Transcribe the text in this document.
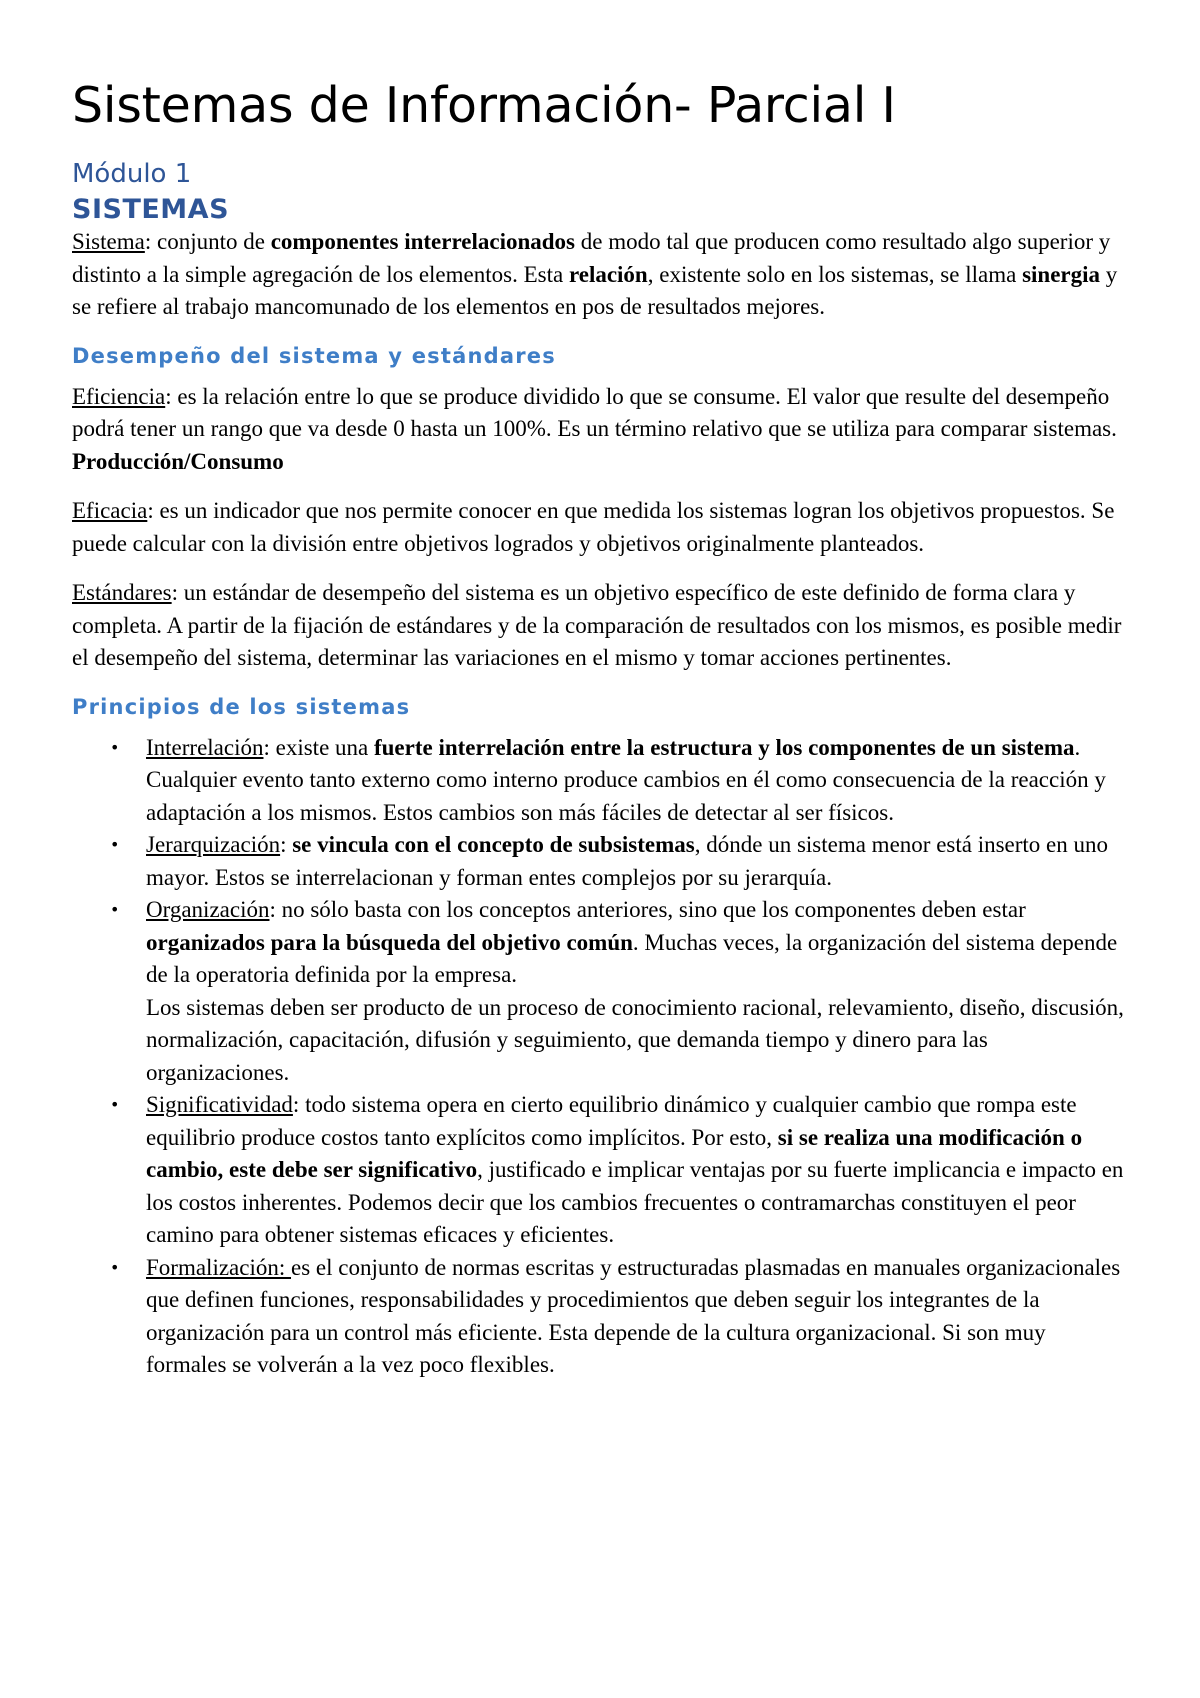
Sistemas de Información- Parcial I
Módulo 1
SISTEMAS

Sistema: conjunto de componentes interrelacionados de modo tal que producen como resultado algo superior y distinto a la simple agregación de los elementos. Esta relación, existente solo en los sistemas, se llama sinergia y se refiere al trabajo mancomunado de los elementos en pos de resultados mejores.

Desempeño del sistema y estándares

Eficiencia: es la relación entre lo que se produce dividido lo que se consume. El valor que resulte del desempeño podrá tener un rango que va desde 0 hasta un 100%. Es un término relativo que se utiliza para comparar sistemas. Producción/Consumo

Eficacia: es un indicador que nos permite conocer en que medida los sistemas logran los objetivos propuestos. Se puede calcular con la división entre objetivos logrados y objetivos originalmente planteados.

Estándares: un estándar de desempeño del sistema es un objetivo específico de este definido de forma clara y completa. A partir de la fijación de estándares y de la comparación de resultados con los mismos, es posible medir el desempeño del sistema, determinar las variaciones en el mismo y tomar acciones pertinentes.

Principios de los sistemas
• Interrelación: existe una fuerte interrelación entre la estructura y los componentes de un sistema. Cualquier evento tanto externo como interno produce cambios en él como consecuencia de la reacción y adaptación a los mismos. Estos cambios son más fáciles de detectar al ser físicos.
• Jerarquización: se vincula con el concepto de subsistemas, dónde un sistema menor está inserto en uno mayor. Estos se interrelacionan y forman entes complejos por su jerarquía.
• Organización: no sólo basta con los conceptos anteriores, sino que los componentes deben estar organizados para la búsqueda del objetivo común. Muchas veces, la organización del sistema depende de la operatoria definida por la empresa.
Los sistemas deben ser producto de un proceso de conocimiento racional, relevamiento, diseño, discusión, normalización, capacitación, difusión y seguimiento, que demanda tiempo y dinero para las organizaciones.
• Significatividad: todo sistema opera en cierto equilibrio dinámico y cualquier cambio que rompa este equilibrio produce costos tanto explícitos como implícitos. Por esto, si se realiza una modificación o cambio, este debe ser significativo, justificado e implicar ventajas por su fuerte implicancia e impacto en los costos inherentes. Podemos decir que los cambios frecuentes o contramarchas constituyen el peor camino para obtener sistemas eficaces y eficientes.
• Formalización: es el conjunto de normas escritas y estructuradas plasmadas en manuales organizacionales que definen funciones, responsabilidades y procedimientos que deben seguir los integrantes de la organización para un control más eficiente. Esta depende de la cultura organizacional. Si son muy formales se volverán a la vez poco flexibles.
